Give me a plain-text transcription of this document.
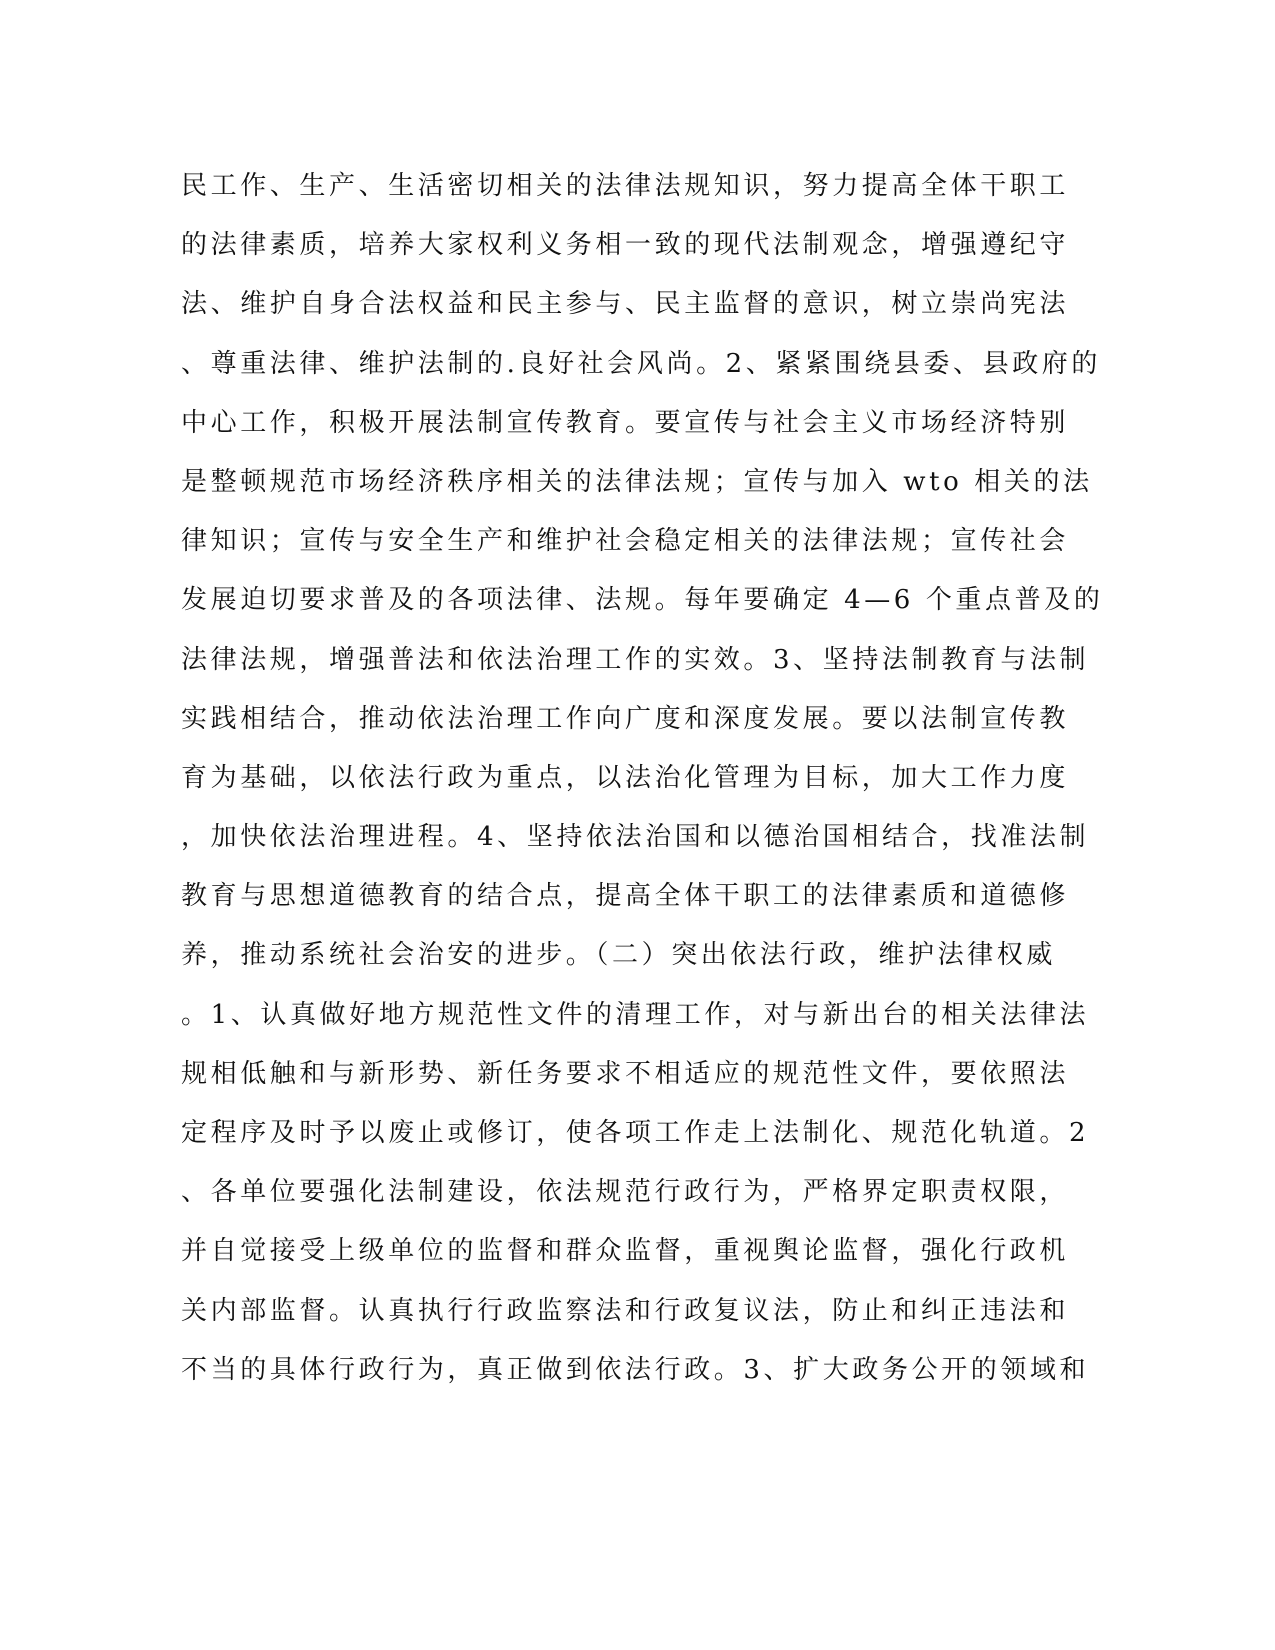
民工作、生产、生活密切相关的法律法规知识，努力提高全体干职工
的法律素质，培养大家权利义务相一致的现代法制观念，增强遵纪守
法、维护自身合法权益和民主参与、民主监督的意识，树立崇尚宪法
、尊重法律、维护法制的.良好社会风尚。2、紧紧围绕县委、县政府的
中心工作，积极开展法制宣传教育。要宣传与社会主义市场经济特别
是整顿规范市场经济秩序相关的法律法规；宣传与加入 wto 相关的法
律知识；宣传与安全生产和维护社会稳定相关的法律法规；宣传社会
发展迫切要求普及的各项法律、法规。每年要确定 4—6 个重点普及的
法律法规，增强普法和依法治理工作的实效。3、坚持法制教育与法制
实践相结合，推动依法治理工作向广度和深度发展。要以法制宣传教
育为基础，以依法行政为重点，以法治化管理为目标，加大工作力度
，加快依法治理进程。4、坚持依法治国和以德治国相结合，找准法制
教育与思想道德教育的结合点，提高全体干职工的法律素质和道德修
养，推动系统社会治安的进步。（二）突出依法行政，维护法律权威
。1、认真做好地方规范性文件的清理工作，对与新出台的相关法律法
规相低触和与新形势、新任务要求不相适应的规范性文件，要依照法
定程序及时予以废止或修订，使各项工作走上法制化、规范化轨道。2
、各单位要强化法制建设，依法规范行政行为，严格界定职责权限，
并自觉接受上级单位的监督和群众监督，重视舆论监督，强化行政机
关内部监督。认真执行行政监察法和行政复议法，防止和纠正违法和
不当的具体行政行为，真正做到依法行政。3、扩大政务公开的领域和
